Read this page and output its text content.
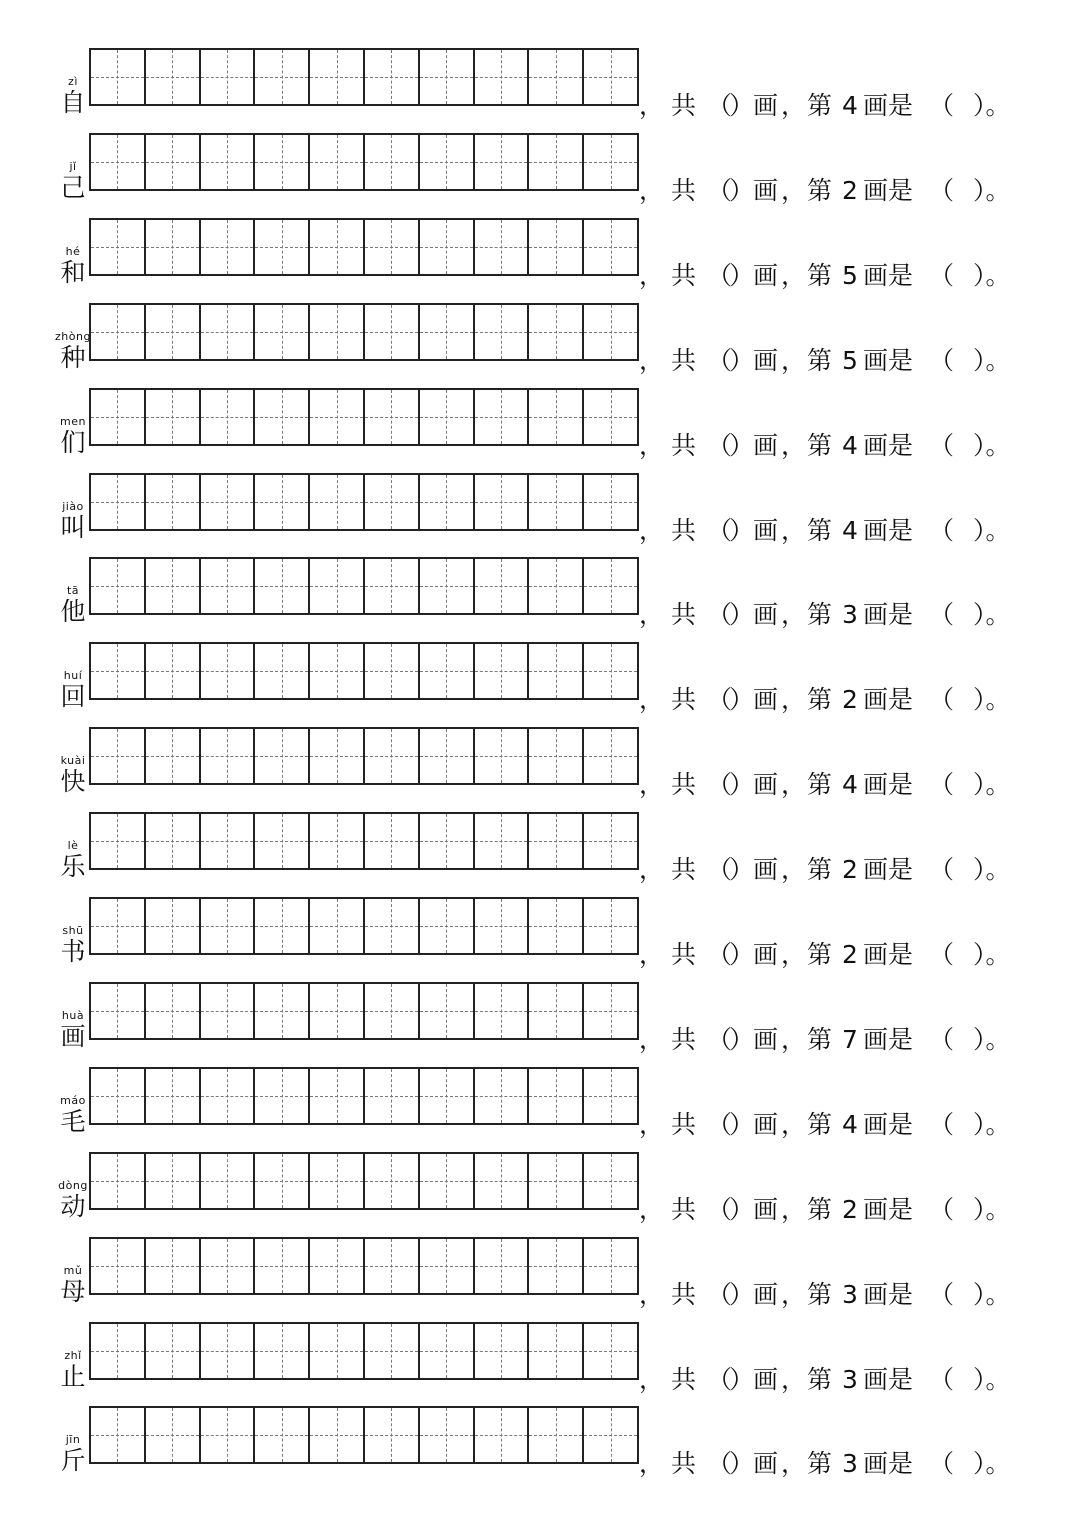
zì
自	， 共 （）画 ，第 4 画是 （ ）。
jǐ
己	， 共 （）画 ，第 2 画是 （ ）。
hé
和	， 共 （）画 ，第 5 画是 （ ）。
zhòng
种	， 共 （）画 ，第 5 画是 （ ）。
men
们	， 共 （）画 ，第 4 画是 （ ）。
jiào
叫	， 共 （）画 ，第 4 画是 （ ）。
tā
他	， 共 （）画 ，第 3 画是 （ ）。
huí
回	， 共 （）画 ，第 2 画是 （ ）。
kuài
快	， 共 （）画 ，第 4 画是 （ ）。
lè
乐	， 共 （）画 ，第 2 画是 （ ）。
shū
书	， 共 （）画 ，第 2 画是 （ ）。
huà
画	， 共 （）画 ，第 7 画是 （ ）。
máo
毛	， 共 （）画 ，第 4 画是 （ ）。
dòng
动	， 共 （）画 ，第 2 画是 （ ）。
mǔ
母	， 共 （）画 ，第 3 画是 （ ）。
zhǐ
止	， 共 （）画 ，第 3 画是 （ ）。
jīn
斤	， 共 （）画 ，第 3 画是 （ ）。
